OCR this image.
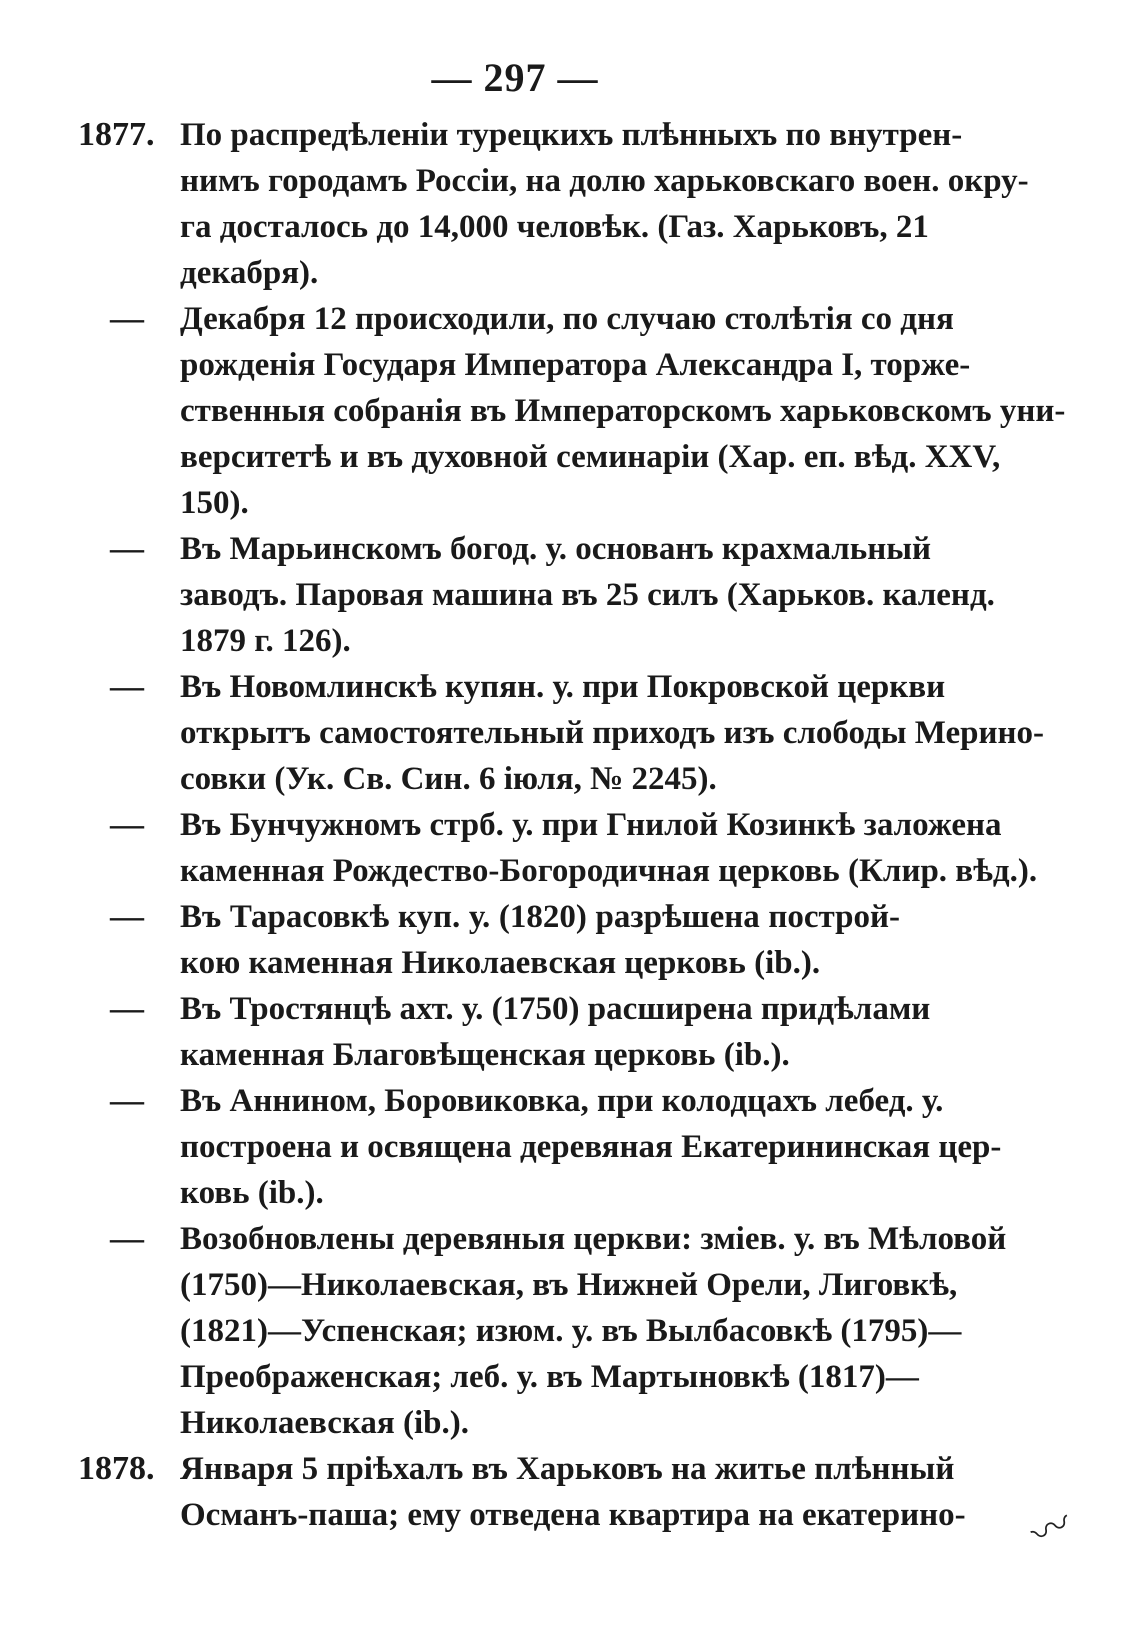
— 297 —
1877. По распредѣленіи турецкихъ плѣнныхъ по внутрен-
нимъ городамъ Россіи, на долю харьковскаго воен. окру-
га досталось до 14,000 человѣк. (Газ. Харьковъ, 21
декабря).
—	Декабря 12 происходили, по случаю столѣтія со дня
рожденія Государя Императора Александра I, торже-
ственныя собранія въ Императорскомъ харьковскомъ уни-
верситетѣ и въ духовной семинаріи (Хар. еп. вѣд. XXV,
150).
—	Въ Марьинскомъ богод. у. основанъ крахмальный
заводъ. Паровая машина въ 25 силъ (Харьков. календ.
1879 г. 126).
—	Въ Новомлинскѣ купян. у. при Покровской церкви
открытъ самостоятельный приходъ изъ слободы Мерино-
совки (Ук. Св. Син. 6 іюля, № 2245).
—	Въ Бунчужномъ стрб. у. при Гнилой Козинкѣ заложена
каменная Рождество-Богородичная церковь (Клир. вѣд.).
—	Въ Тарасовкѣ куп. у. (1820) разрѣшена построй-
кою каменная Николаевская церковь (ib.).
—	Въ Тростянцѣ ахт. у. (1750) расширена придѣлами
каменная Благовѣщенская церковь (ib.).
—	Въ Аннином, Боровиковка, при колодцахъ лебед. у.
построена и освящена деревяная Екатерининская цер-
ковь (ib.).
—	Возобновлены деревяныя церкви: зміев. у. въ Мѣловой
(1750)—Николаевская, въ Нижней Орели, Лиговкѣ,
(1821)—Успенская; изюм. у. въ Вылбасовкѣ (1795)—
Преображенская; леб. у. въ Мартыновкѣ (1817)—
Николаевская (ib.).
1878. Января 5 пріѣхалъ въ Харьковъ на житье плѣнный
Османъ-паша; ему отведена квартира на екатерино- 〰
